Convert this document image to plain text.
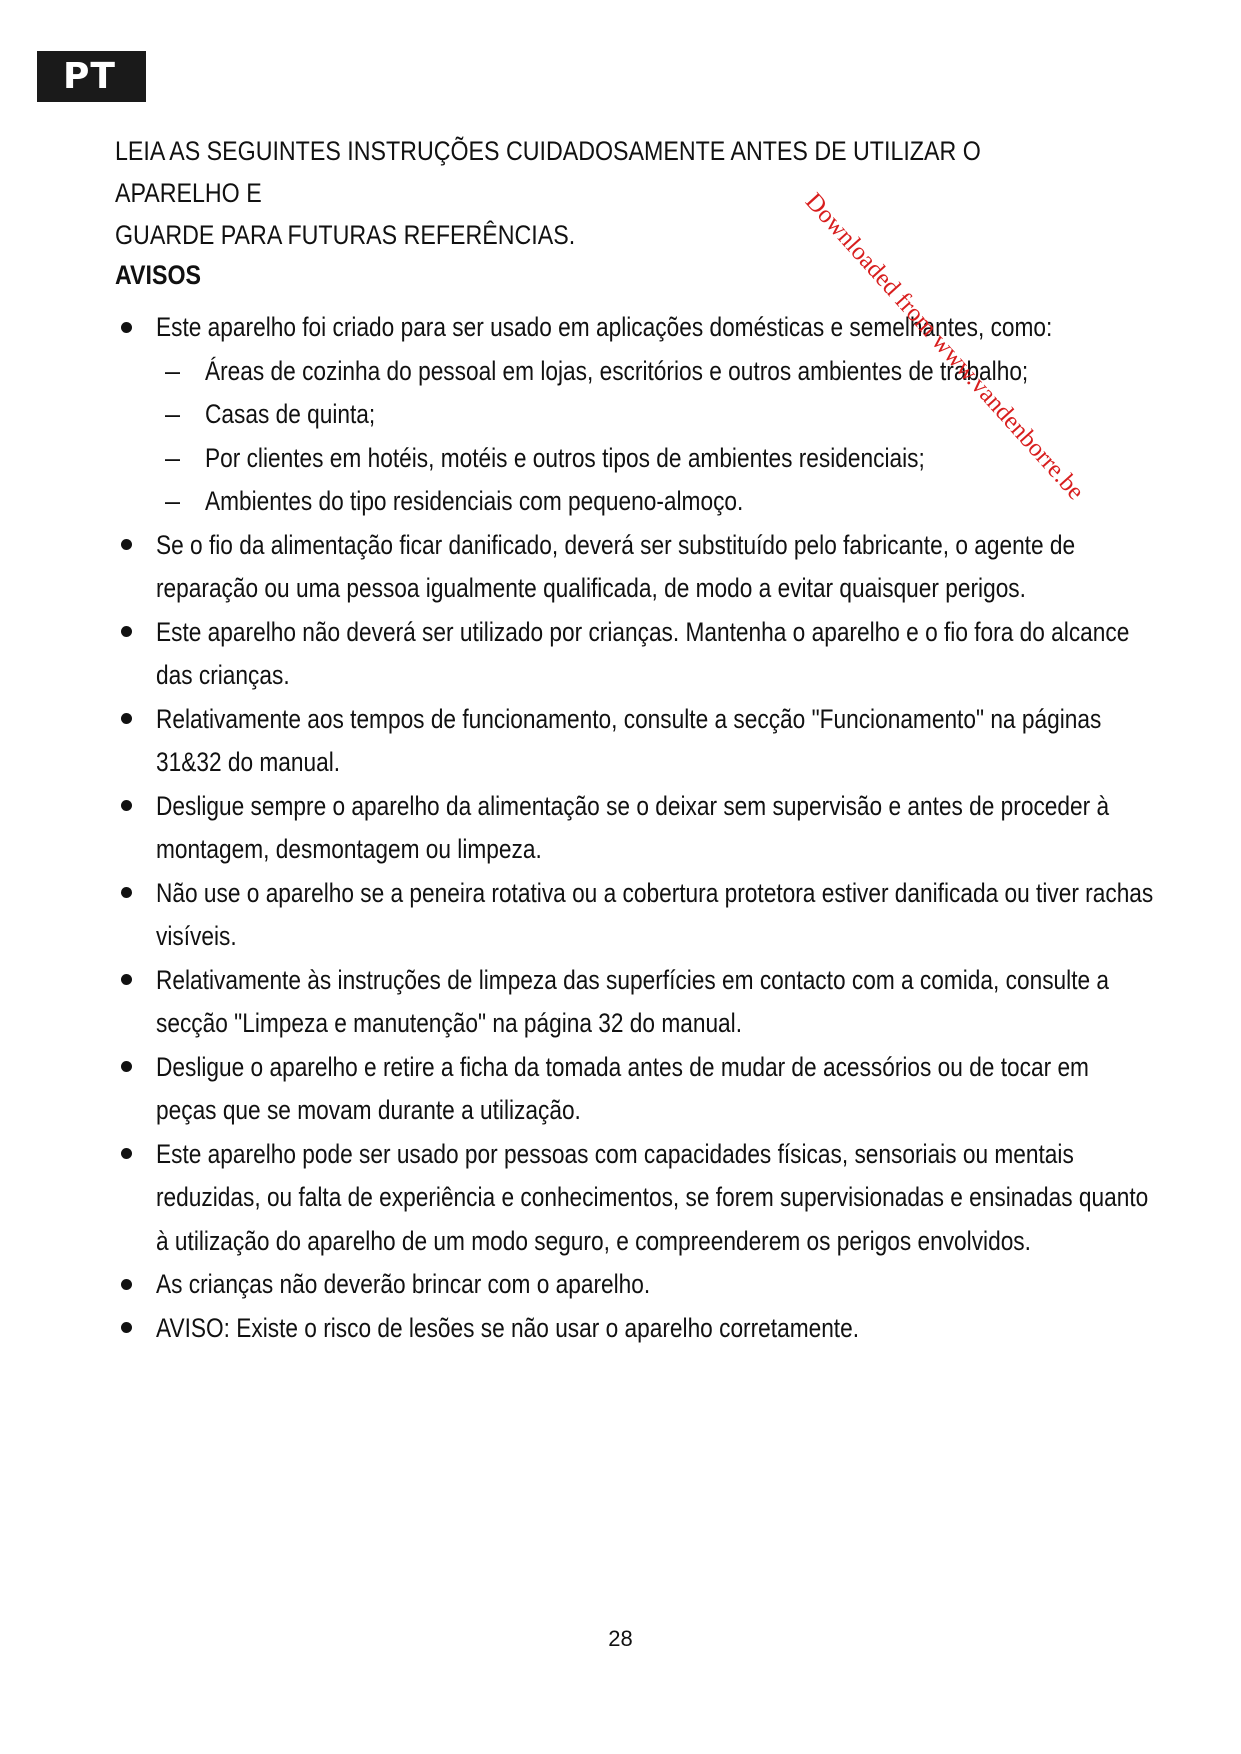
PT
LEIA AS SEGUINTES INSTRUÇÕES CUIDADOSAMENTE ANTES DE UTILIZAR O APARELHO E
GUARDE PARA FUTURAS REFERÊNCIAS.
AVISOS
Este aparelho foi criado para ser usado em aplicações domésticas e semelhantes, como:
– Áreas de cozinha do pessoal em lojas, escritórios e outros ambientes de trabalho;
– Casas de quinta;
– Por clientes em hotéis, motéis e outros tipos de ambientes residenciais;
– Ambientes do tipo residenciais com pequeno-almoço.
Se o fio da alimentação ficar danificado, deverá ser substituído pelo fabricante, o agente de reparação ou uma pessoa igualmente qualificada, de modo a evitar quaisquer perigos.
Este aparelho não deverá ser utilizado por crianças. Mantenha o aparelho e o fio fora do alcance das crianças.
Relativamente aos tempos de funcionamento, consulte a secção "Funcionamento" na páginas 31&32 do manual.
Desligue sempre o aparelho da alimentação se o deixar sem supervisão e antes de proceder à montagem, desmontagem ou limpeza.
Não use o aparelho se a peneira rotativa ou a cobertura protetora estiver danificada ou tiver rachas visíveis.
Relativamente às instruções de limpeza das superfícies em contacto com a comida, consulte a secção "Limpeza e manutenção" na página 32 do manual.
Desligue o aparelho e retire a ficha da tomada antes de mudar de acessórios ou de tocar em peças que se movam durante a utilização.
Este aparelho pode ser usado por pessoas com capacidades físicas, sensoriais ou mentais reduzidas, ou falta de experiência e conhecimentos, se forem supervisionadas e ensinadas quanto à utilização do aparelho de um modo seguro, e compreenderem os perigos envolvidos.
As crianças não deverão brincar com o aparelho.
AVISO: Existe o risco de lesões se não usar o aparelho corretamente.
28
Downloaded from www.vandenborre.be
